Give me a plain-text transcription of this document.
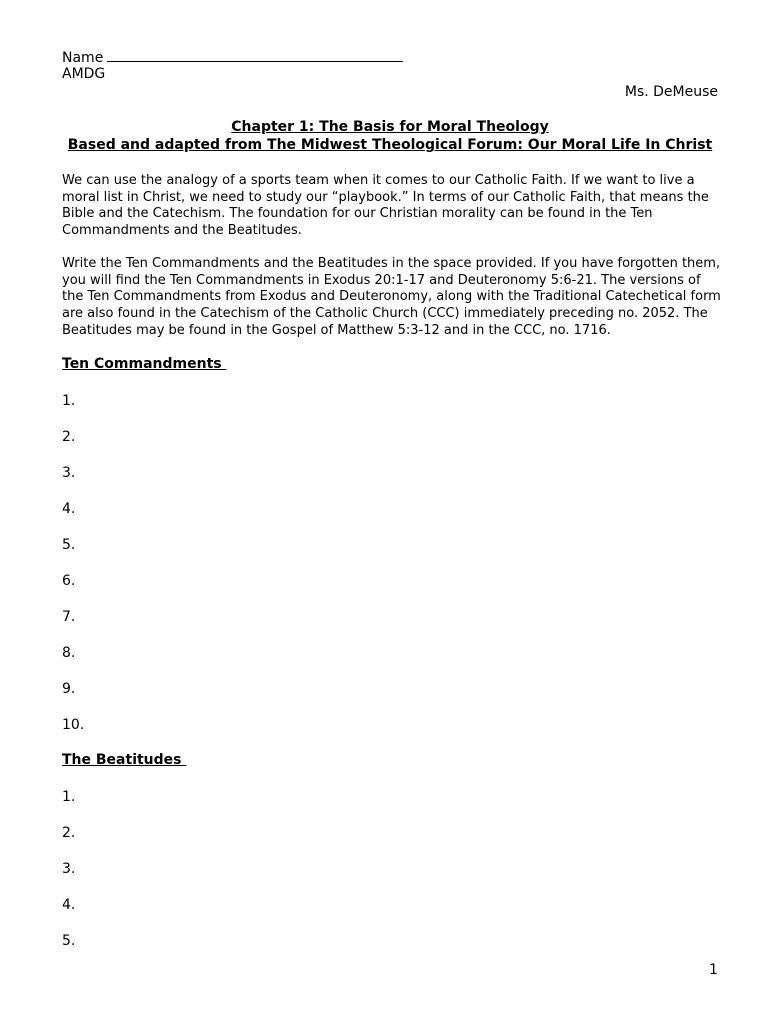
Name
AMDG
Ms. DeMeuse
Chapter 1: The Basis for Moral Theology
Based and adapted from The Midwest Theological Forum: Our Moral Life In Christ
We can use the analogy of a sports team when it comes to our Catholic Faith. If we want to live a moral list in Christ, we need to study our “playbook.” In terms of our Catholic Faith, that means the Bible and the Catechism. The foundation for our Christian morality can be found in the Ten Commandments and the Beatitudes.
Write the Ten Commandments and the Beatitudes in the space provided. If you have forgotten them, you will find the Ten Commandments in Exodus 20:1-17 and Deuteronomy 5:6-21. The versions of the Ten Commandments from Exodus and Deuteronomy, along with the Traditional Catechetical form are also found in the Catechism of the Catholic Church (CCC) immediately preceding no. 2052. The Beatitudes may be found in the Gospel of Matthew 5:3-12 and in the CCC, no. 1716.
Ten Commandments
1.
2.
3.
4.
5.
6.
7.
8.
9.
10.
The Beatitudes
1.
2.
3.
4.
5.
1
